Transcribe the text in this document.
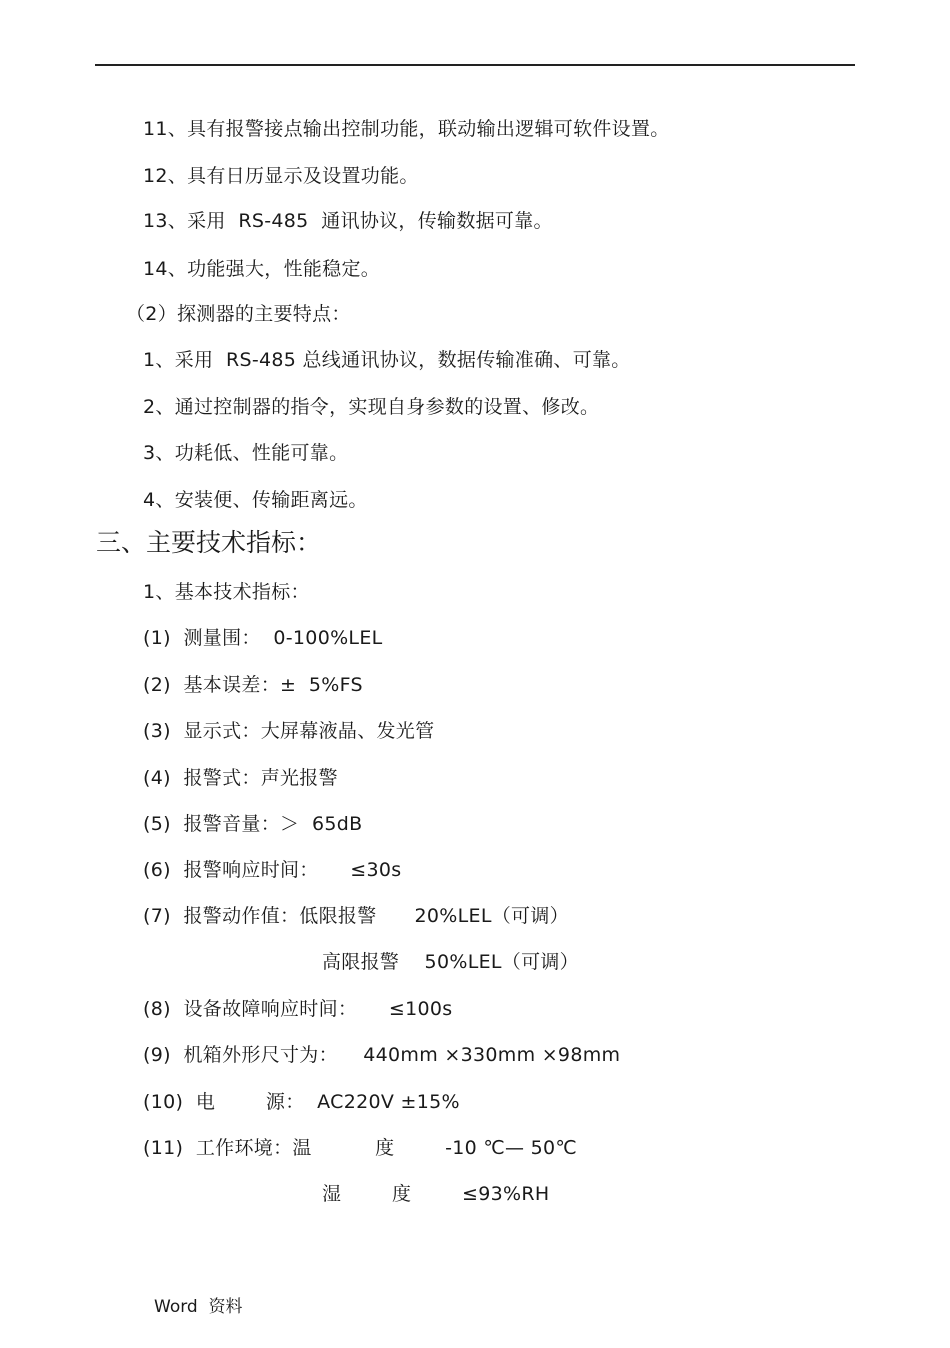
11、具有报警接点输出控制功能，联动输出逻辑可软件设置。
12、具有日历显示及设置功能。
13、采用  RS-485  通讯协议，传输数据可靠。
14、功能强大，性能稳定。
（2）探测器的主要特点：
1、采用  RS-485 总线通讯协议，数据传输准确、可靠。
2、通过控制器的指令，实现自身参数的设置、修改。
3、功耗低、性能可靠。
4、安装便、传输距离远。
三、主要技术指标：
1、基本技术指标：
(1)  测量围：  0-100%LEL
(2)  基本误差：±  5%FS
(3)  显示式：大屏幕液晶、发光管
(4)  报警式：声光报警
(5)  报警音量：＞  65dB
(6)  报警响应时间：     ≤30s
(7)  报警动作值：低限报警      20%LEL（可调）
高限报警    50%LEL（可调）
(8)  设备故障响应时间：     ≤100s
(9)  机箱外形尺寸为：    440mm ×330mm ×98mm
(10)  电        源：  AC220V ±15%
(11)  工作环境：温          度        -10 ℃— 50℃
湿        度        ≤93%RH
Word  资料
